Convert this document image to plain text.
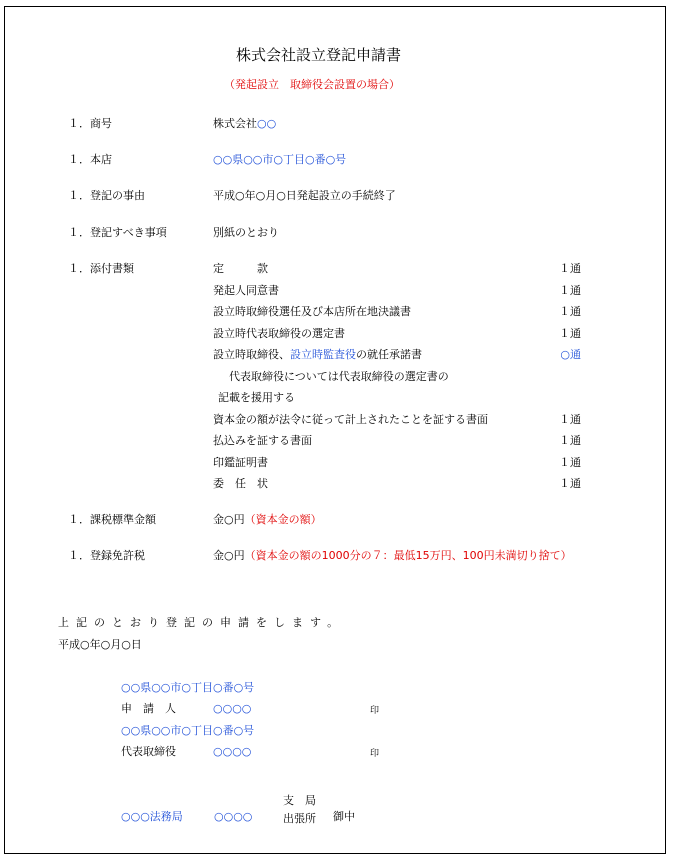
株式会社設立登記申請書
（発起設立　取締役会設置の場合）
１．商号	株式会社○○
１．本店	○○県○○市○丁目○番○号
１．登記の事由	平成○年○月○日発起設立の手続終了
１．登記すべき事項	別紙のとおり
１．添付書類	定　　　款	１通
発起人同意書	１通
設立時取締役選任及び本店所在地決議書	１通
設立時代表取締役の選定書	１通
設立時取締役、設立時監査役の就任承諾書	○通
代表取締役については代表取締役の選定書の
記載を援用する
資本金の額が法令に従って計上されたことを証する書面	１通
払込みを証する書面	１通
印鑑証明書	１通
委　任　状	１通
１．課税標準金額	金○円（資本金の額）
１．登録免許税	金○円（資本金の額の1000分の７：最低15万円、100円未満切り捨て）
上記のとおり登記の申請をします。
平成○年○月○日
○○県○○市○丁目○番○号
申　請　人	○○○○	印
○○県○○市○丁目○番○号
代表取締役	○○○○	印
支　局
○○○法務局	○○○○	出張所 御中
